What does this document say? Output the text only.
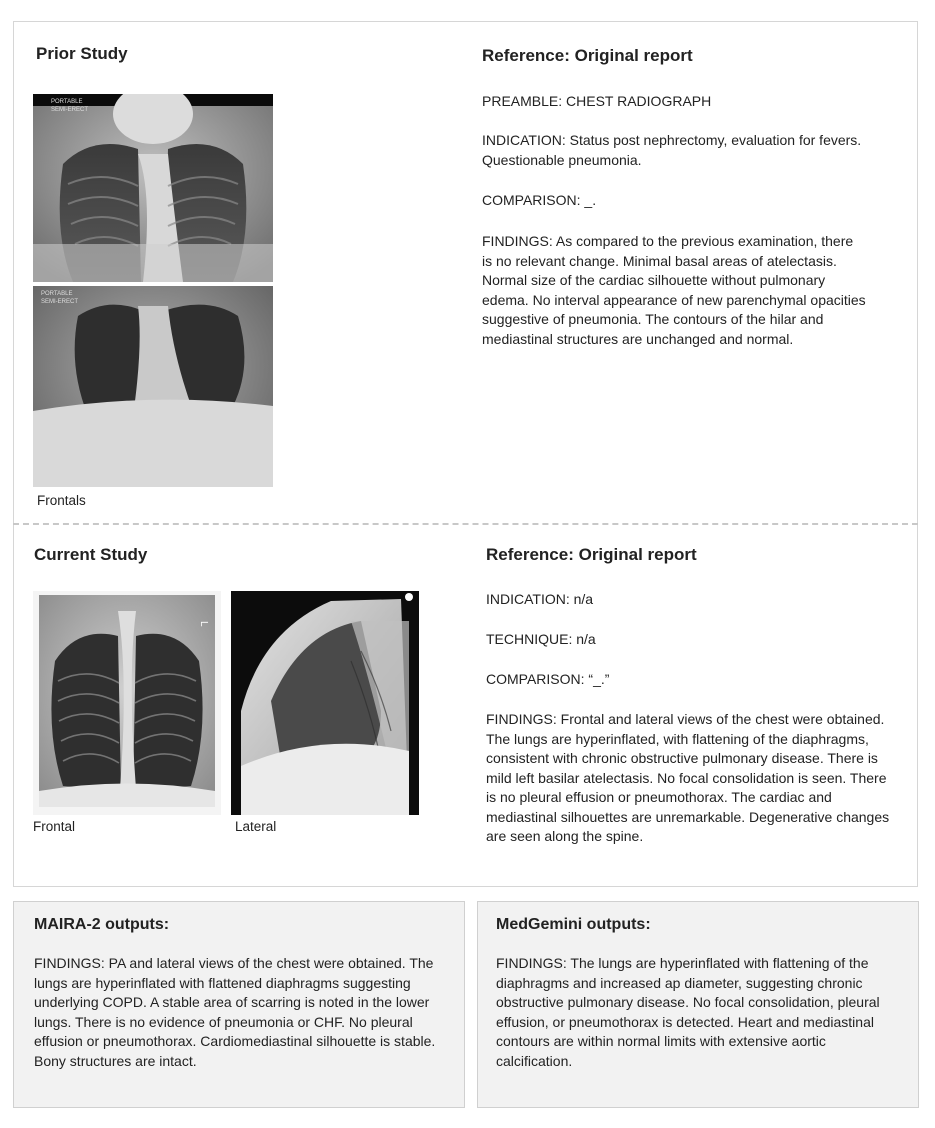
Prior Study
PORTABLE
SEMI-ERECT
PORTABLE
SEMI-ERECT
Frontals
Reference: Original report
PREAMBLE: CHEST RADIOGRAPH
INDICATION: Status post nephrectomy, evaluation for fevers. Questionable pneumonia.
COMPARISON: _.
FINDINGS: As compared to the previous examination, there is no relevant change. Minimal basal areas of atelectasis. Normal size of the cardiac silhouette without pulmonary edema. No interval appearance of new parenchymal opacities suggestive of pneumonia. The contours of the hilar and mediastinal structures are unchanged and normal.
Current Study
L
Frontal	Lateral
Reference: Original report
INDICATION: n/a
TECHNIQUE: n/a
COMPARISON: “_.”
FINDINGS: Frontal and lateral views of the chest were obtained. The lungs are hyperinflated, with flattening of the diaphragms, consistent with chronic obstructive pulmonary disease. There is mild left basilar atelectasis. No focal consolidation is seen. There is no pleural effusion or pneumothorax. The cardiac and mediastinal silhouettes are unremarkable. Degenerative changes are seen along the spine.
MAIRA-2 outputs:
FINDINGS: PA and lateral views of the chest were obtained. The lungs are hyperinflated with flattened diaphragms suggesting underlying COPD. A stable area of scarring is noted in the lower lungs. There is no evidence of pneumonia or CHF. No pleural effusion or pneumothorax. Cardiomediastinal silhouette is stable. Bony structures are intact.
MedGemini outputs:
FINDINGS: The lungs are hyperinflated with flattening of the diaphragms and increased ap diameter, suggesting chronic obstructive pulmonary disease. No focal consolidation, pleural effusion, or pneumothorax is detected. Heart and mediastinal contours are within normal limits with extensive aortic calcification.
